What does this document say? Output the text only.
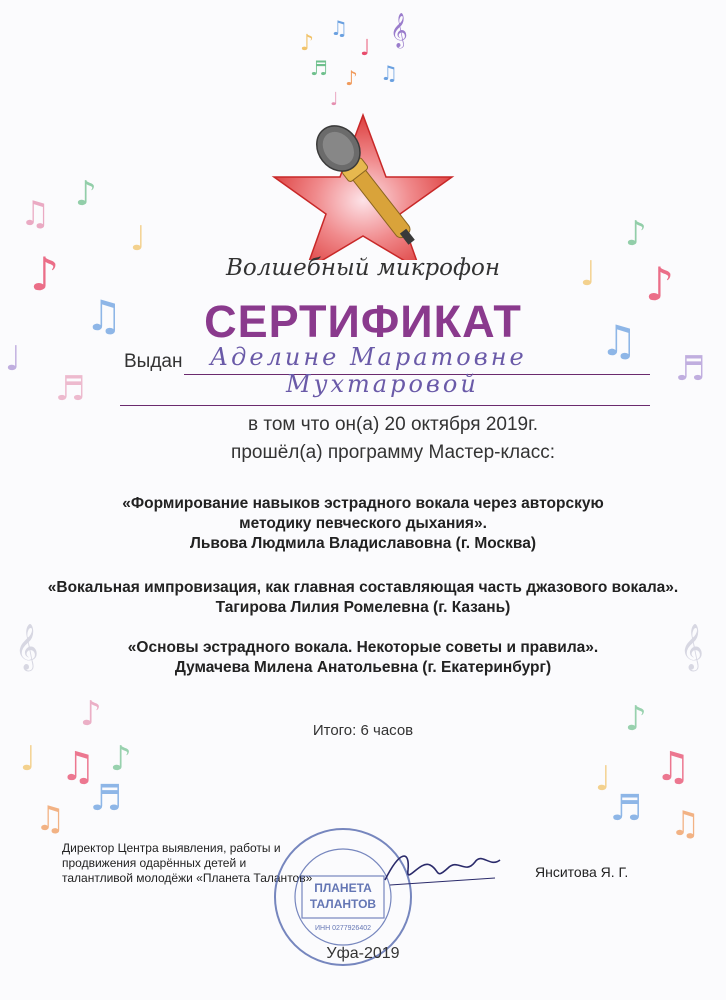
♫ ♪
♩
♪
♫
♩
♬
𝄞
♪
♩ ♫ ♪
♬
♫
♪
♩ ♪
♫
♬
𝄞
♪
♫
♩
♬ ♫
♪
♫
♩
𝄞
♬ ♪ ♫
♩
Волшебный микрофон
СЕРТИФИКАТ
Выдан Аделине Маратовне
Мухтаровой
в том что он(а) 20 октября 2019г.
прошёл(а) программу Мастер-класс:
«Формирование навыков эстрадного вокала через авторскую
методику певческого дыхания».
Львова Людмила Владиславовна (г. Москва)
«Вокальная импровизация, как главная составляющая часть джазового вокала».
Тагирова Лилия Ромелевна (г. Казань)
«Основы эстрадного вокала. Некоторые советы и правила».
Думачева Милена Анатольевна (г. Екатеринбург)
Итого: 6 часов
Директор Центра выявления, работы и
продвижения одарённых детей и
талантливой молодёжи «Планета Талантов»
ПЛАНЕТА
ТАЛАНТОВ
ИНН 0277926402
Янситова Я. Г.
Уфа-2019
